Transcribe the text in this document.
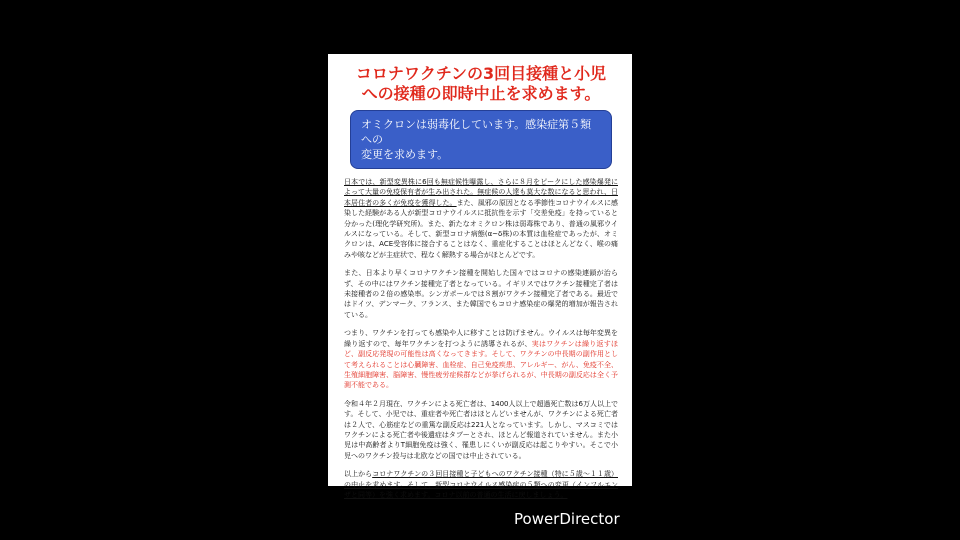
コロナワクチンの3回目接種と小児
への接種の即時中止を求めます。
オミクロンは弱毒化しています。感染症第５類への
変更を求めます。

日本では、新型変異株に6回も無症候性曝露し、さらに８月をピークにした感染爆発によって大量の免疫保有者が生み出された。無症候の人達も莫大な数になると思われ、日本居住者の多くが免疫を獲得した。また、風邪の原因となる季節性コロナウイルスに感染した経験がある人が新型コロナウイルスに抵抗性を示す「交差免疫」を持っていると分かった(理化学研究所)。また、新たなオミクロン株は弱毒株であり、普通の風邪ウイルスになっている。そして、新型コロナ病態(α~δ株)の本質は血栓症であったが、オミクロンは、ACE受容体に接合することはなく、重症化することはほとんどなく、喉の痛みや咳などが主症状で、程なく解熱する場合がほとんどです。

また、日本より早くコロナワクチン接種を開始した国々ではコロナの感染連鎖が治らず、その中にはワクチン接種完了者となっている。イギリスではワクチン接種完了者は未接種者の２倍の感染率。シンガポールでは８割がワクチン接種完了者である。最近ではドイツ、デンマーク、フランス、また韓国でもコロナ感染症の爆発的増加が報告されている。

つまり、ワクチンを打っても感染や人に移すことは防げません。ウイルスは毎年変異を繰り返すので、毎年ワクチンを打つように誘導されるが、実はワクチンは繰り返すほど、副反応発現の可能性は高くなってきます。そして、ワクチンの中長期の副作用として考えられることは心臓障害、血栓症、自己免疫疾患、アレルギー、がん、免疫不全、生殖細胞障害、脳障害、慢性疲労症候群などが挙げられるが、中長期の副反応は全く予測不能である。

令和４年２月現在、ワクチンによる死亡者は、1400人以上で超過死亡数は6万人以上です。そして、小児では、重症者や死亡者はほとんどいませんが、ワクチンによる死亡者は２人で、心筋症などの重篤な副反応は221人となっています。しかし、マスコミではワクチンによる死亡者や後遺症はタブーとされ、ほとんど報道されていません。また小児は中高齢者よりT細胞免疫は強く、罹患しにくいが副反応は起こりやすい。そこで小児へのワクチン投与は北欧などの国では中止されている。

以上からコロナワクチンの３回目接種と子どもへのワクチン接種（特に５歳～１１歳）の中止を求めます。そして、新型コロナウイルス感染症の５類への変更（インフルエンザと同等）を強く求めます。コロナ以前の普通の生活に戻しましょう。

PowerDirector
